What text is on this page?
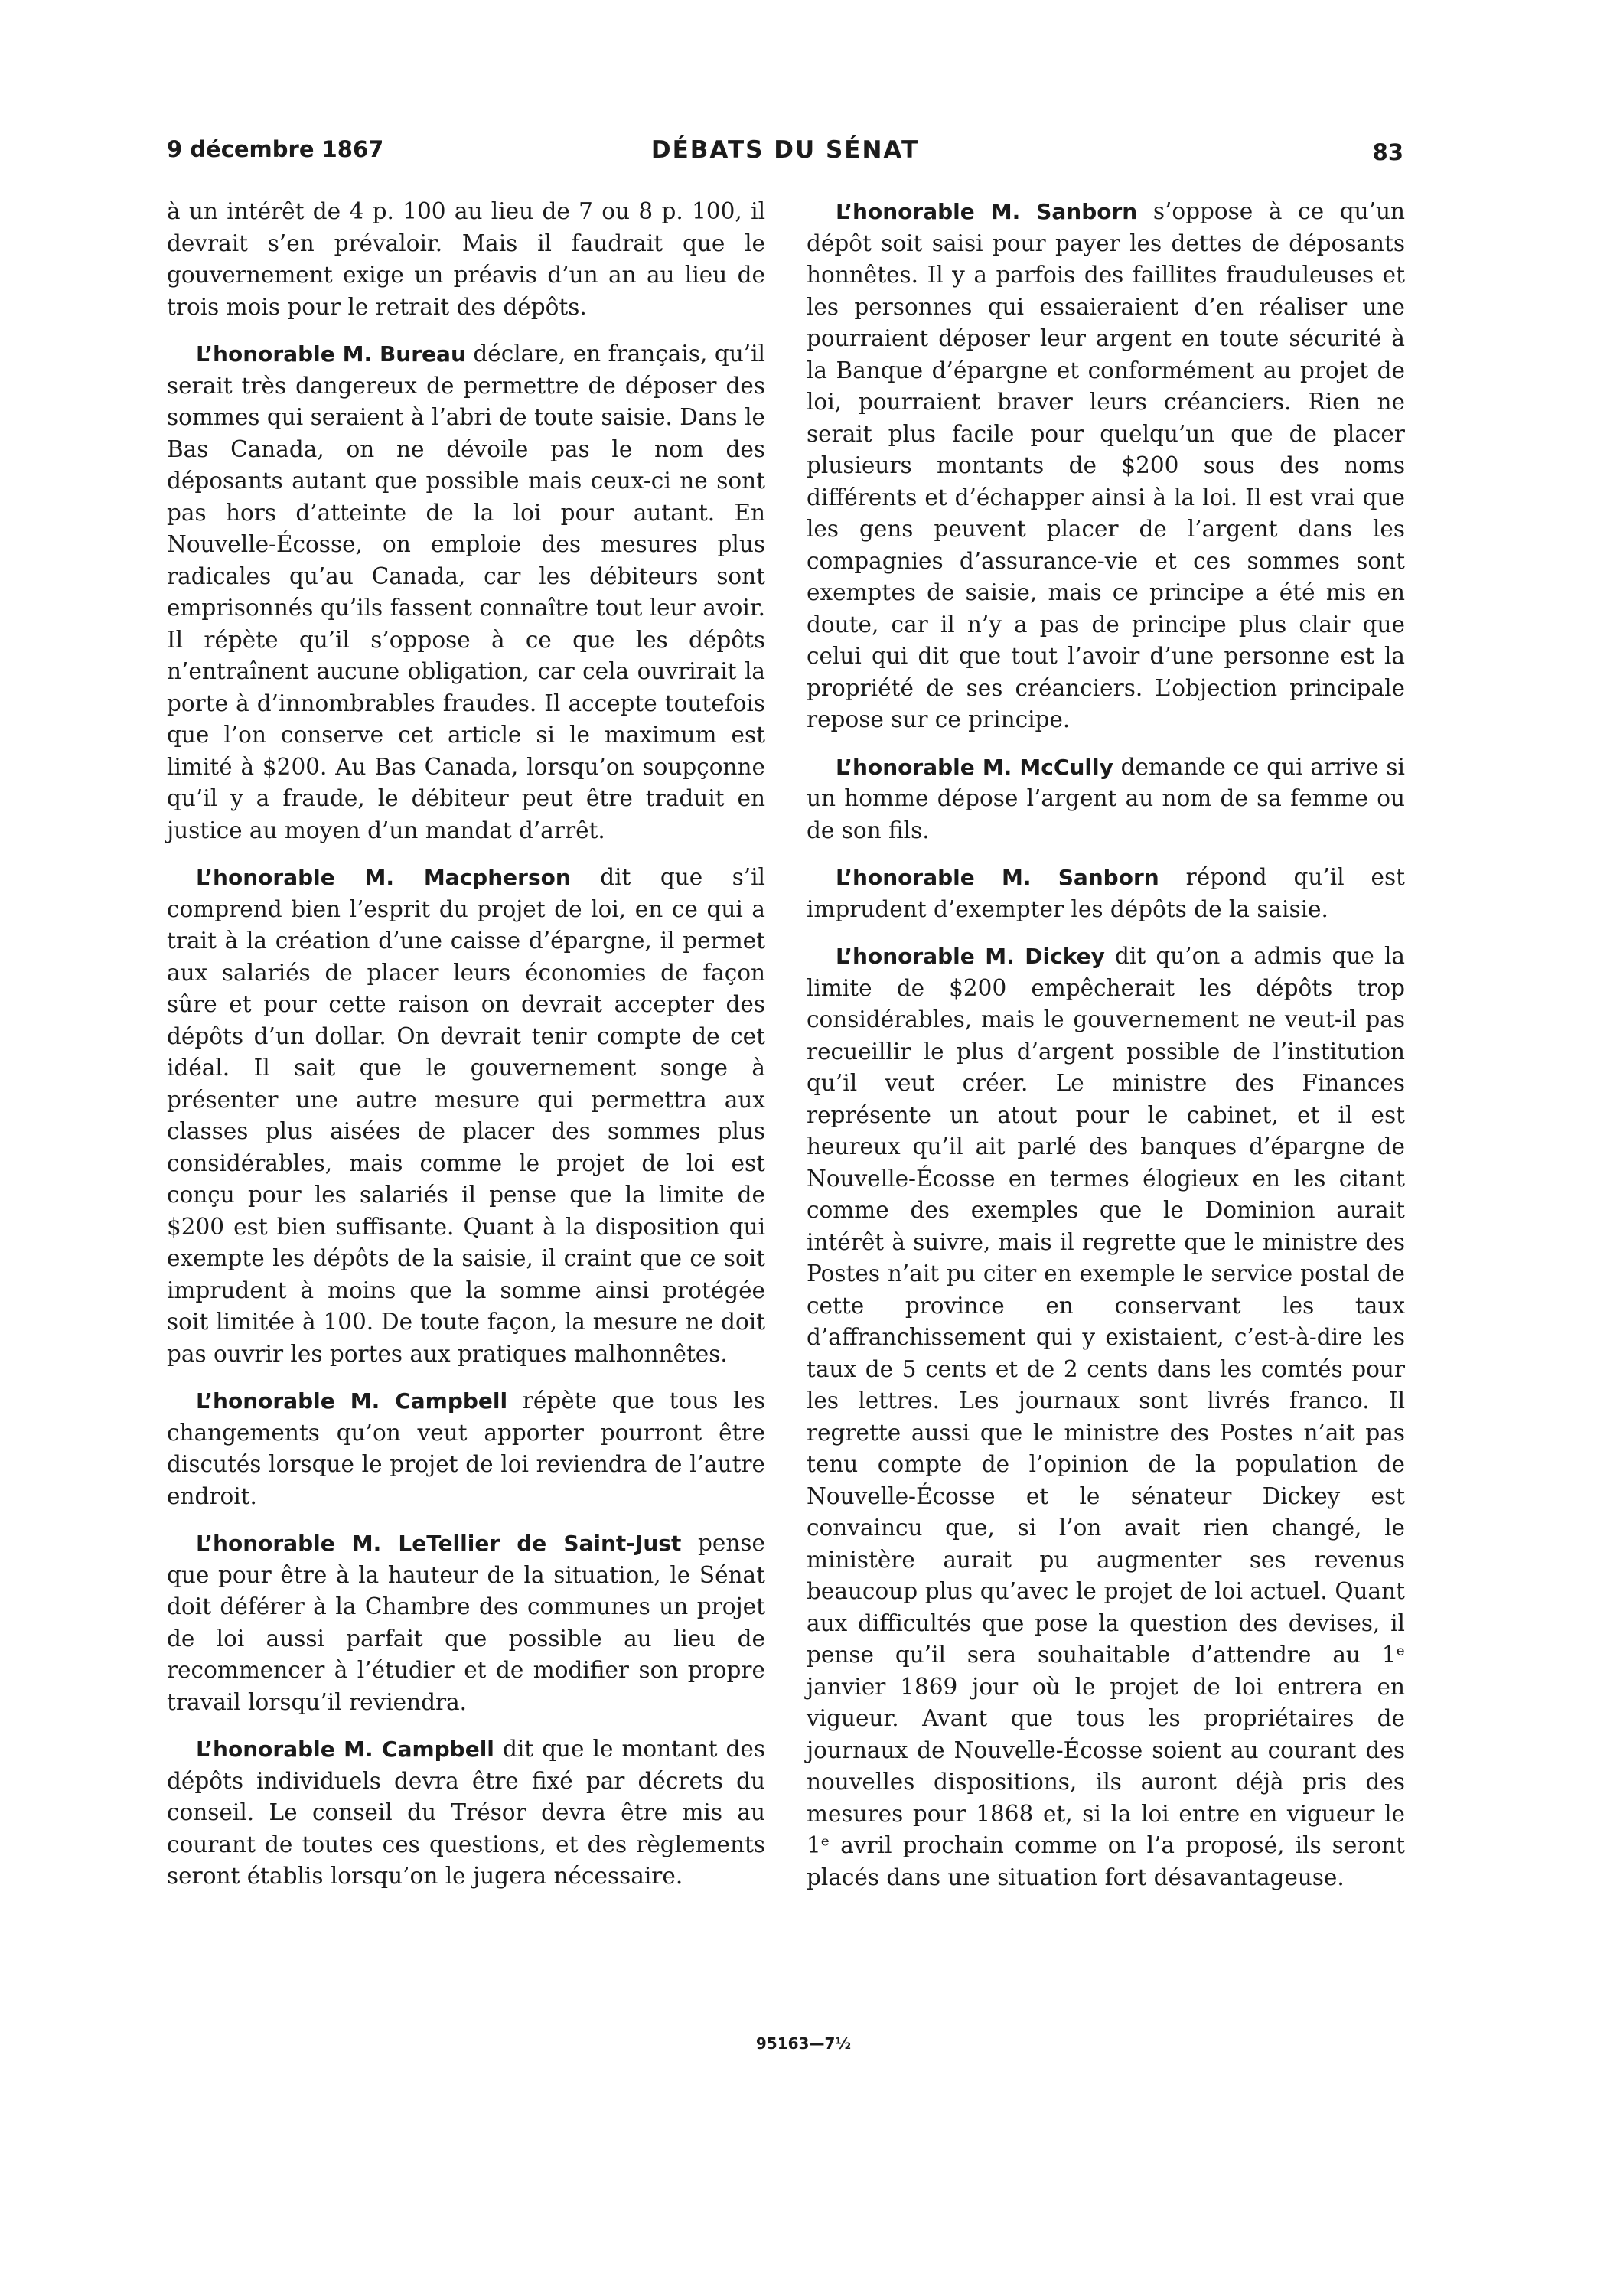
9 décembre 1867	DÉBATS DU SÉNAT	83

à un intérêt de 4 p. 100 au lieu de 7 ou 8 p. 100, il devrait s’en prévaloir. Mais il faudrait que le gouvernement exige un préavis d’un an au lieu de trois mois pour le retrait des dépôts.

L’honorable M. Bureau déclare, en français, qu’il serait très dangereux de permettre de déposer des sommes qui seraient à l’abri de toute saisie. Dans le Bas Canada, on ne dévoile pas le nom des déposants autant que possible mais ceux-ci ne sont pas hors d’atteinte de la loi pour autant. En Nouvelle-Écosse, on emploie des mesures plus radicales qu’au Canada, car les débiteurs sont emprisonnés qu’ils fassent connaître tout leur avoir. Il répète qu’il s’oppose à ce que les dépôts n’entraînent aucune obligation, car cela ouvrirait la porte à d’innombrables fraudes. Il accepte toutefois que l’on conserve cet article si le maximum est limité à $200. Au Bas Canada, lorsqu’on soupçonne qu’il y a fraude, le débiteur peut être traduit en justice au moyen d’un mandat d’arrêt.

L’honorable M. Macpherson dit que s’il comprend bien l’esprit du projet de loi, en ce qui a trait à la création d’une caisse d’épargne, il permet aux salariés de placer leurs économies de façon sûre et pour cette raison on devrait accepter des dépôts d’un dollar. On devrait tenir compte de cet idéal. Il sait que le gouvernement songe à présenter une autre mesure qui permettra aux classes plus aisées de placer des sommes plus considérables, mais comme le projet de loi est conçu pour les salariés il pense que la limite de $200 est bien suffisante. Quant à la disposition qui exempte les dépôts de la saisie, il craint que ce soit imprudent à moins que la somme ainsi protégée soit limitée à 100. De toute façon, la mesure ne doit pas ouvrir les portes aux pratiques malhonnêtes.

L’honorable M. Campbell répète que tous les changements qu’on veut apporter pourront être discutés lorsque le projet de loi reviendra de l’autre endroit.

L’honorable M. LeTellier de Saint-Just pense que pour être à la hauteur de la situation, le Sénat doit déférer à la Chambre des communes un projet de loi aussi parfait que possible au lieu de recommencer à l’étudier et de modifier son propre travail lorsqu’il reviendra.

L’honorable M. Campbell dit que le montant des dépôts individuels devra être fixé par décrets du conseil. Le conseil du Trésor devra être mis au courant de toutes ces questions, et des règlements seront établis lorsqu’on le jugera nécessaire.

L’honorable M. Sanborn s’oppose à ce qu’un dépôt soit saisi pour payer les dettes de déposants honnêtes. Il y a parfois des faillites frauduleuses et les personnes qui essaieraient d’en réaliser une pourraient déposer leur argent en toute sécurité à la Banque d’épargne et conformément au projet de loi, pourraient braver leurs créanciers. Rien ne serait plus facile pour quelqu’un que de placer plusieurs montants de $200 sous des noms différents et d’échapper ainsi à la loi. Il est vrai que les gens peuvent placer de l’argent dans les compagnies d’assurance-vie et ces sommes sont exemptes de saisie, mais ce principe a été mis en doute, car il n’y a pas de principe plus clair que celui qui dit que tout l’avoir d’une personne est la propriété de ses créanciers. L’objection principale repose sur ce principe.

L’honorable M. McCully demande ce qui arrive si un homme dépose l’argent au nom de sa femme ou de son fils.

L’honorable M. Sanborn répond qu’il est imprudent d’exempter les dépôts de la saisie.

L’honorable M. Dickey dit qu’on a admis que la limite de $200 empêcherait les dépôts trop considérables, mais le gouvernement ne veut-il pas recueillir le plus d’argent possible de l’institution qu’il veut créer. Le ministre des Finances représente un atout pour le cabinet, et il est heureux qu’il ait parlé des banques d’épargne de Nouvelle-Écosse en termes élogieux en les citant comme des exemples que le Dominion aurait intérêt à suivre, mais il regrette que le ministre des Postes n’ait pu citer en exemple le service postal de cette province en conservant les taux d’affranchissement qui y existaient, c’est-à-dire les taux de 5 cents et de 2 cents dans les comtés pour les lettres. Les journaux sont livrés franco. Il regrette aussi que le ministre des Postes n’ait pas tenu compte de l’opinion de la population de Nouvelle-Écosse et le sénateur Dickey est convaincu que, si l’on avait rien changé, le ministère aurait pu augmenter ses revenus beaucoup plus qu’avec le projet de loi actuel. Quant aux difficultés que pose la question des devises, il pense qu’il sera souhaitable d’attendre au 1ᵉ janvier 1869 jour où le projet de loi entrera en vigueur. Avant que tous les propriétaires de journaux de Nouvelle-Écosse soient au courant des nouvelles dispositions, ils auront déjà pris des mesures pour 1868 et, si la loi entre en vigueur le 1ᵉ avril prochain comme on l’a proposé, ils seront placés dans une situation fort désavantageuse.

95163—7½
